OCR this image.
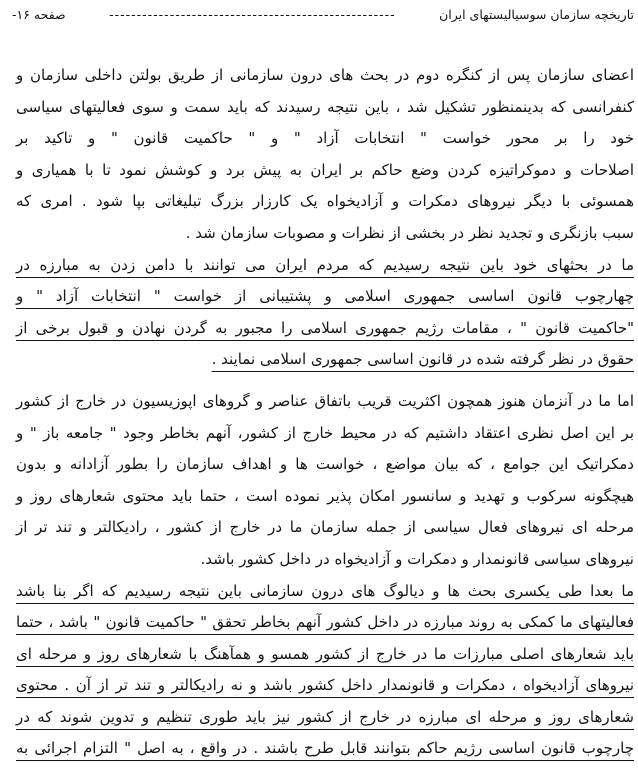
تاریخچه سازمان سوسیالیستهای ایران
----------------------------------------------------
صفحه ۱۶-
اعضای سازمان پس از کنگره دوم در بحث های درون سازمانی از طریق بولتن داخلی سازمان و
کنفرانسی که بدینمنظور تشکیل شد ، باین نتیجه رسیدند که باید سمت و سوی فعالیتهای سیاسی
خود را بر محور خواست " انتخابات آزاد " و " حاکمیت قانون " و تاکید بر
اصلاحات و دموکراتیزه کردن وضع حاکم بر ایران به پیش برد و کوشش نمود تا با همیاری و
همسوئی با دیگر نیروهای دمکرات و آزادیخواه یک کارزار بزرگ تبلیغاتی بپا شود . امری که
سبب بازنگری و تجدید نظر در بخشی از نظرات و مصوبات سازمان شد .
ما در بحثهای خود باین نتیجه رسیدیم که مردم ایران می توانند با دامن زدن به مبارزه در
چهارچوب قانون اساسی جمهوری اسلامی و پشتیبانی از خواست " انتخابات آزاد " و
"حاکمیت قانون " ، مقامات رژیم جمهوری اسلامی را مجبور به گردن نهادن و قبول برخی از
حقوق در نظر گرفته شده در قانون اساسی جمهوری اسلامی نمایند .
اما ما در آنزمان هنوز همچون اکثریت قریب باتفاق عناصر و گروهای اپوزیسیون در خارج از کشور
بر این اصل نظری اعتقاد داشتیم که در محیط خارج از کشور، آنهم بخاطر وجود " جامعه باز " و
دمکراتیک این جوامع ، که بیان مواضع ، خواست ها و اهداف سازمان را بطور آزادانه و بدون
هیچگونه سرکوب و تهدید و سانسور امکان پذیر نموده است ، حتما باید محتوی شعارهای روز و
مرحله ای نیروهای فعال سیاسی از جمله سازمان ما در خارج از کشور ، رادیکالتر و تند تر از
نیروهای سیاسی قانونمدار و دمکرات و آزادیخواه در داخل کشور باشد.
ما بعدا طی یکسری بحث ها و دیالوگ های درون سازمانی باین نتیجه رسیدیم که اگر بنا باشد
فعالیتهای ما کمکی به روند مبارزه در داخل کشور آنهم بخاطر تحقق " حاکمیت قانون " باشد ، حتما
باید شعارهای اصلی مبارزات ما در خارج از کشور همسو و همآهنگ با شعارهای روز و مرحله ای
نیروهای آزادیخواه ، دمکرات و قانونمدار داخل کشور باشد و نه رادیکالتر و تند تر از آن . محتوی
شعارهای روز و مرحله ای مبارزه در خارج از کشور نیز باید طوری تنظیم و تدوین شوند که در
چارچوب قانون اساسی رژیم حاکم بتوانند قابل طرح باشند . در واقع ، به اصل " التزام اجرائی به
